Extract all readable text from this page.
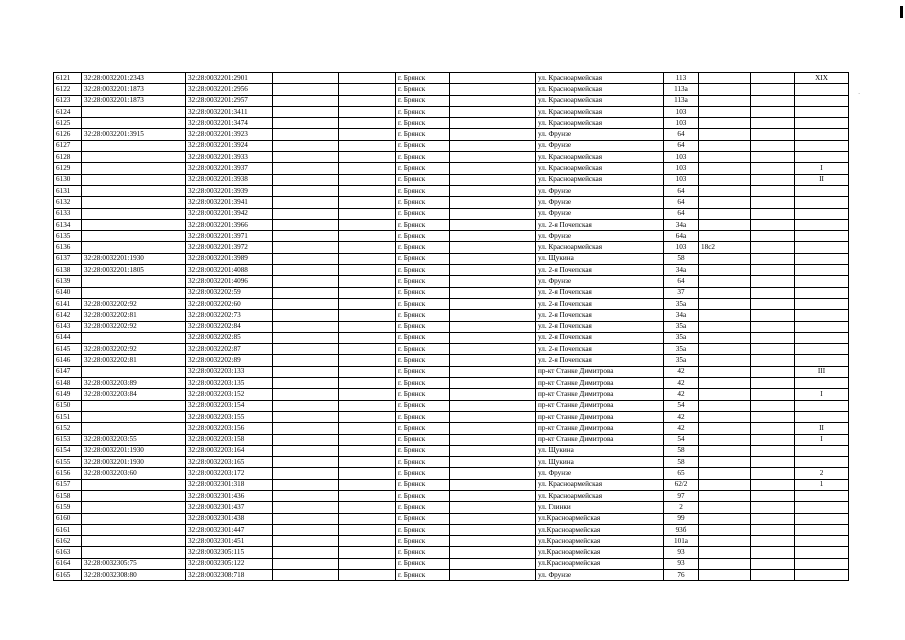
·
6121	32:28:0032201:2343	32:28:0032201:2901			г. Брянск		ул. Красноармейская	113			XIX
6122	32:28:0032201:1873	32:28:0032201:2956			г. Брянск		ул. Красноармейская	113а			
6123	32:28:0032201:1873	32:28:0032201:2957			г. Брянск		ул. Красноармейская	113а			
6124		32:28:0032201:3411			г. Брянск		ул. Красноармейская	103			
6125		32:28:0032201:3474			г. Брянск		ул. Красноармейская	103			
6126	32:28:0032201:3915	32:28:0032201:3923			г. Брянск		ул. Фрунзе	64			
6127		32:28:0032201:3924			г. Брянск		ул. Фрунзе	64			
6128		32:28:0032201:3933			г. Брянск		ул. Красноармейская	103			
6129		32:28:0032201:3937			г. Брянск		ул. Красноармейская	103			I
6130		32:28:0032201:3938			г. Брянск		ул. Красноармейская	103			II
6131		32:28:0032201:3939			г. Брянск		ул. Фрунзе	64			
6132		32:28:0032201:3941			г. Брянск		ул. Фрунзе	64			
6133		32:28:0032201:3942			г. Брянск		ул. Фрунзе	64			
6134		32:28:0032201:3966			г. Брянск		ул. 2-я Почепская	34а			
6135		32:28:0032201:3971			г. Брянск		ул. Фрунзе	64а			
6136		32:28:0032201:3972			г. Брянск		ул. Красноармейская	103	18с2		
6137	32:28:0032201:1930	32:28:0032201:3989			г. Брянск		ул. Щукина	58			
6138	32:28:0032201:1805	32:28:0032201:4088			г. Брянск		ул. 2-я Почепская	34а			
6139		32:28:0032201:4096			г. Брянск		ул. Фрунзе	64			
6140		32:28:0032202:59			г. Брянск		ул. 2-я Почепская	37			
6141	32:28:0032202:92	32:28:0032202:60			г. Брянск		ул. 2-я Почепская	35а			
6142	32:28:0032202:81	32:28:0032202:73			г. Брянск		ул. 2-я Почепская	34а			
6143	32:28:0032202:92	32:28:0032202:84			г. Брянск		ул. 2-я Почепская	35а			
6144		32:28:0032202:85			г. Брянск		ул. 2-я Почепская	35а			
6145	32:28:0032202:92	32:28:0032202:87			г. Брянск		ул. 2-я Почепская	35а			
6146	32:28:0032202:81	32:28:0032202:89			г. Брянск		ул. 2-я Почепская	35а			
6147		32:28:0032203:133			г. Брянск		пр-кт Станке Димитрова	42			III
6148	32:28:0032203:89	32:28:0032203:135			г. Брянск		пр-кт Станке Димитрова	42			
6149	32:28:0032203:84	32:28:0032203:152			г. Брянск		пр-кт Станке Димитрова	42			I
6150		32:28:0032203:154			г. Брянск		пр-кт Станке Димитрова	54			
6151		32:28:0032203:155			г. Брянск		пр-кт Станке Димитрова	42			
6152		32:28:0032203:156			г. Брянск		пр-кт Станке Димитрова	42			II
6153	32:28:0032203:55	32:28:0032203:158			г. Брянск		пр-кт Станке Димитрова	54			I
6154	32:28:0032201:1930	32:28:0032203:164			г. Брянск		ул. Щукина	58			
6155	32:28:0032201:1930	32:28:0032203:165			г. Брянск		ул. Щукина	58			
6156	32:28:0032203:60	32:28:0032203:172			г. Брянск		ул. Фрунзе	65			2
6157		32:28:0032301:318			г. Брянск		ул. Красноармейская	62/2			1
6158		32:28:0032301:436			г. Брянск		ул. Красноармейская	97			
6159		32:28:0032301:437			г. Брянск		ул. Глинки	2			
6160		32:28:0032301:438			г. Брянск		ул.Красноармейская	99			
6161		32:28:0032301:447			г. Брянск		ул.Красноармейская	93б			
6162		32:28:0032301:451			г. Брянск		ул.Красноармейская	101а			
6163		32:28:0032305:115			г. Брянск		ул.Красноармейская	93			
6164	32:28:0032305:75	32:28:0032305:122			г. Брянск		ул.Красноармейская	93			
6165	32:28:0032308:80	32:28:0032308:718			г. Брянск		ул. Фрунзе	76			
